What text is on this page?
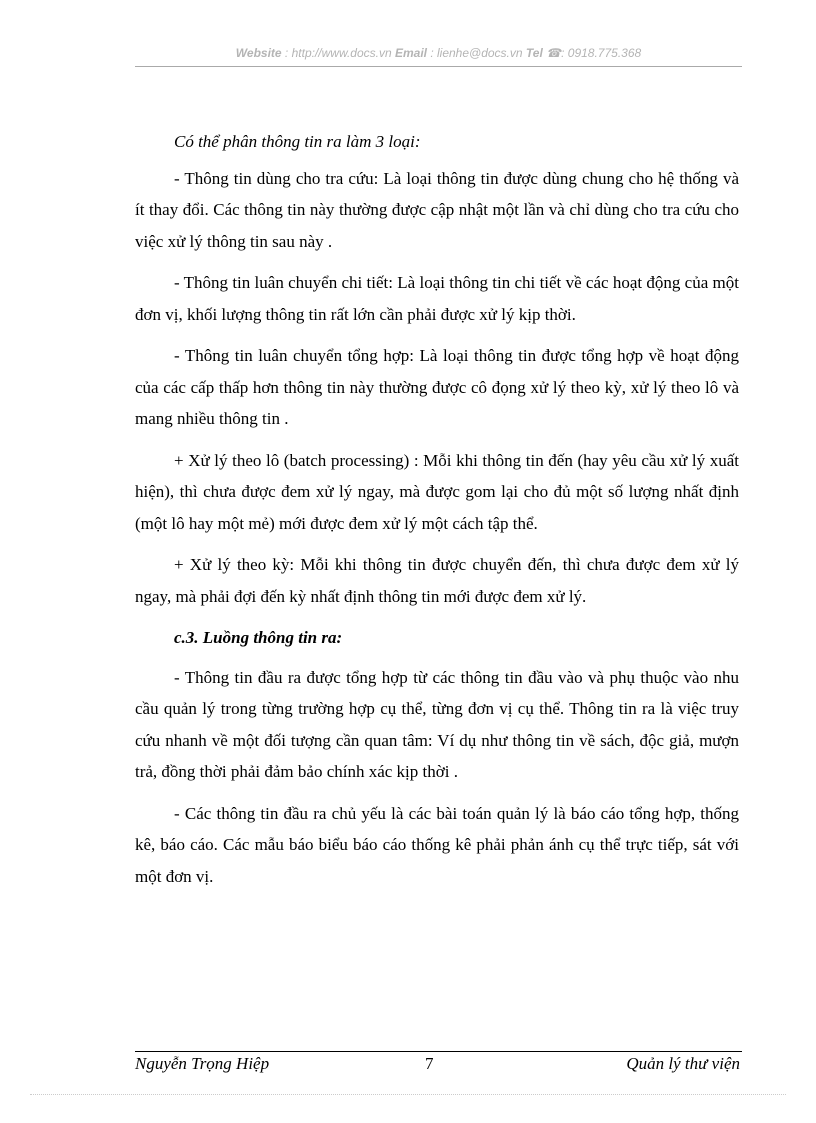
Website : http://www.docs.vn Email : lienhe@docs.vn Tel ☎: 0918.775.368

Có thể phân thông tin ra làm 3 loại:

- Thông tin dùng cho tra cứu: Là loại thông tin được dùng chung cho hệ thống và ít thay đổi. Các thông tin này thường được cập nhật một lần và chỉ dùng cho tra cứu cho việc xử lý thông tin sau này .

- Thông tin luân chuyển chi tiết: Là loại thông tin chi tiết về các hoạt động của một đơn vị, khối lượng thông tin rất lớn cần phải được xử lý kịp thời.

- Thông tin luân chuyển tổng hợp: Là loại thông tin được tổng hợp về hoạt động của các cấp thấp hơn thông tin này thường được cô đọng xử lý theo kỳ, xử lý theo lô và mang nhiều thông tin .

+ Xử lý theo lô (batch processing) : Mỗi khi thông tin đến (hay yêu cầu xử lý xuất hiện), thì chưa được đem xử lý ngay, mà được gom lại cho đủ một số lượng nhất định (một lô hay một mẻ) mới được đem xử lý một cách tập thể.

+ Xử lý theo kỳ: Mỗi khi thông tin được chuyển đến, thì chưa được đem xử lý ngay, mà phải đợi đến kỳ nhất định thông tin mới được đem xử lý.

c.3. Luồng thông tin ra:

- Thông tin đầu ra được tổng hợp từ các thông tin đầu vào và phụ thuộc vào nhu cầu quản lý trong từng trường hợp cụ thể, từng đơn vị cụ thể. Thông tin ra là việc truy cứu nhanh về một đối tượng cần quan tâm: Ví dụ như thông tin về sách, độc giả, mượn trả, đồng thời phải đảm bảo chính xác kịp thời .

- Các thông tin đầu ra chủ yếu là các bài toán quản lý là báo cáo tổng hợp, thống kê, báo cáo. Các mẫu báo biểu báo cáo thống kê phải phản ánh cụ thể trực tiếp, sát với một đơn vị.

Nguyễn Trọng Hiệp	7	Quản lý thư viện
